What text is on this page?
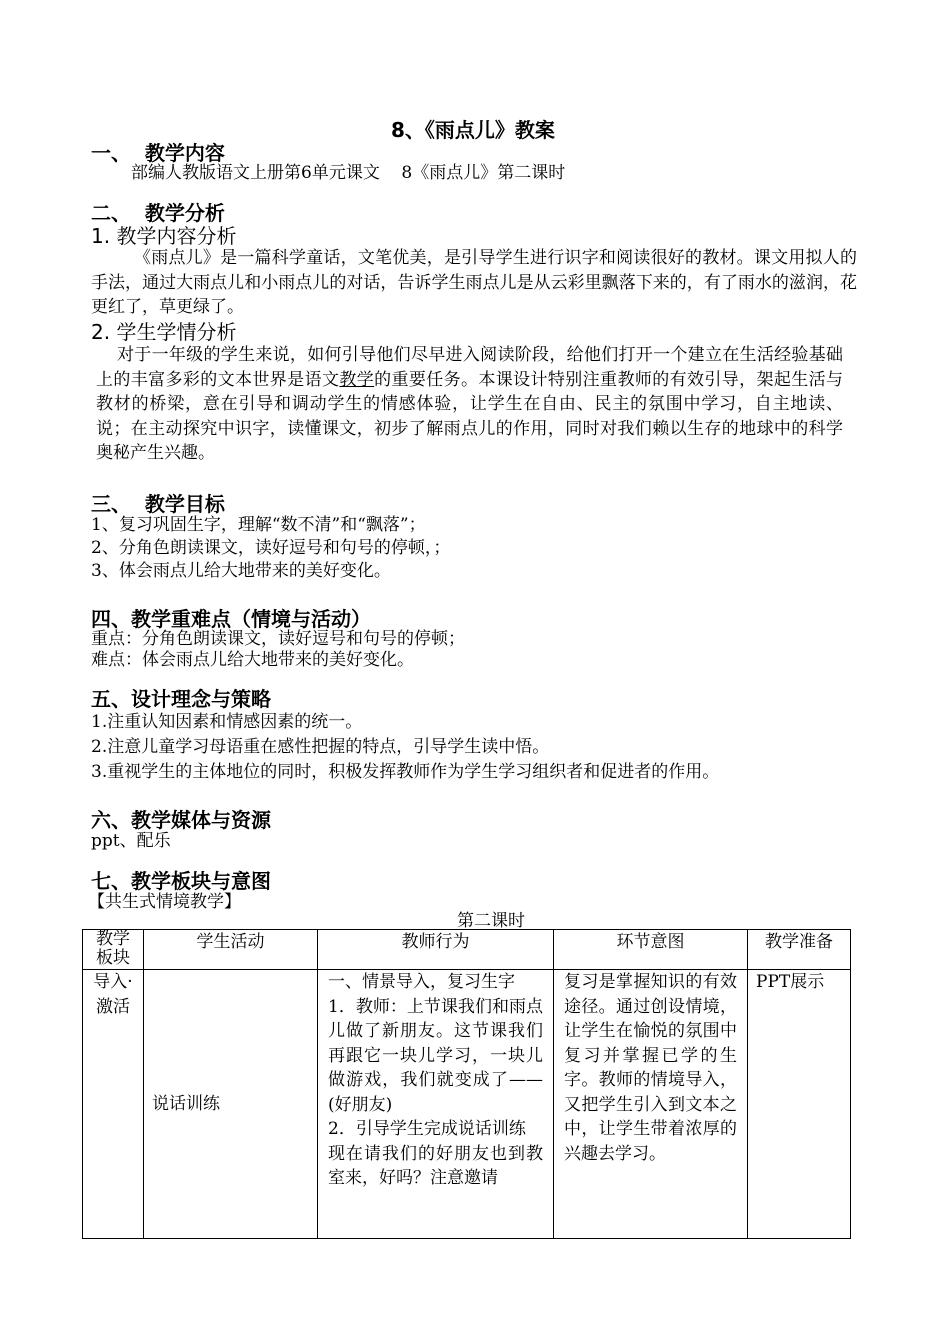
8、《雨点儿》教案
一、  教学内容
部编人教版语文上册第6单元课文    8《雨点儿》第二课时
二、  教学分析
1. 教学内容分析
《雨点儿》是一篇科学童话，文笔优美，是引导学生进行识字和阅读很好的教材。课文用拟人的手法，通过大雨点儿和小雨点儿的对话，告诉学生雨点儿是从云彩里飘落下来的，有了雨水的滋润，花更红了，草更绿了。
2. 学生学情分析
对于一年级的学生来说，如何引导他们尽早进入阅读阶段，给他们打开一个建立在生活经验基础上的丰富多彩的文本世界是语文教学的重要任务。本课设计特别注重教师的有效引导，架起生活与教材的桥梁，意在引导和调动学生的情感体验，让学生在自由、民主的氛围中学习，自主地读、说；在主动探究中识字，读懂课文，初步了解雨点儿的作用，同时对我们赖以生存的地球中的科学奥秘产生兴趣。
三、  教学目标
1、复习巩固生字，理解“数不清”和“飘落”；
2、分角色朗读课文，读好逗号和句号的停顿，；
3、体会雨点儿给大地带来的美好变化。
四、教学重难点（情境与活动）
重点：分角色朗读课文，读好逗号和句号的停顿；
难点：体会雨点儿给大地带来的美好变化。
五、设计理念与策略
1.注重认知因素和情感因素的统一。
2.注意儿童学习母语重在感性把握的特点，引导学生读中悟。
3.重视学生的主体地位的同时，积极发挥教师作为学生学习组织者和促进者的作用。
六、教学媒体与资源
ppt、配乐
七、教学板块与意图
【共生式情境教学】
第二课时
教学板块	学生活动	教师行为	环节意图	教学准备
导入·激活	说话训练	一、情景导入，复习生字
1．教师：上节课我们和雨点儿做了新朋友。这节课我们再跟它一块儿学习，一块儿做游戏，我们就变成了——(好朋友)
2．引导学生完成说话训练
现在请我们的好朋友也到教室来，好吗？注意邀请	复习是掌握知识的有效途径。通过创设情境，让学生在愉悦的氛围中复习并掌握已学的生字。教师的情境导入，又把学生引入到文本之中，让学生带着浓厚的兴趣去学习。	PPT展示
